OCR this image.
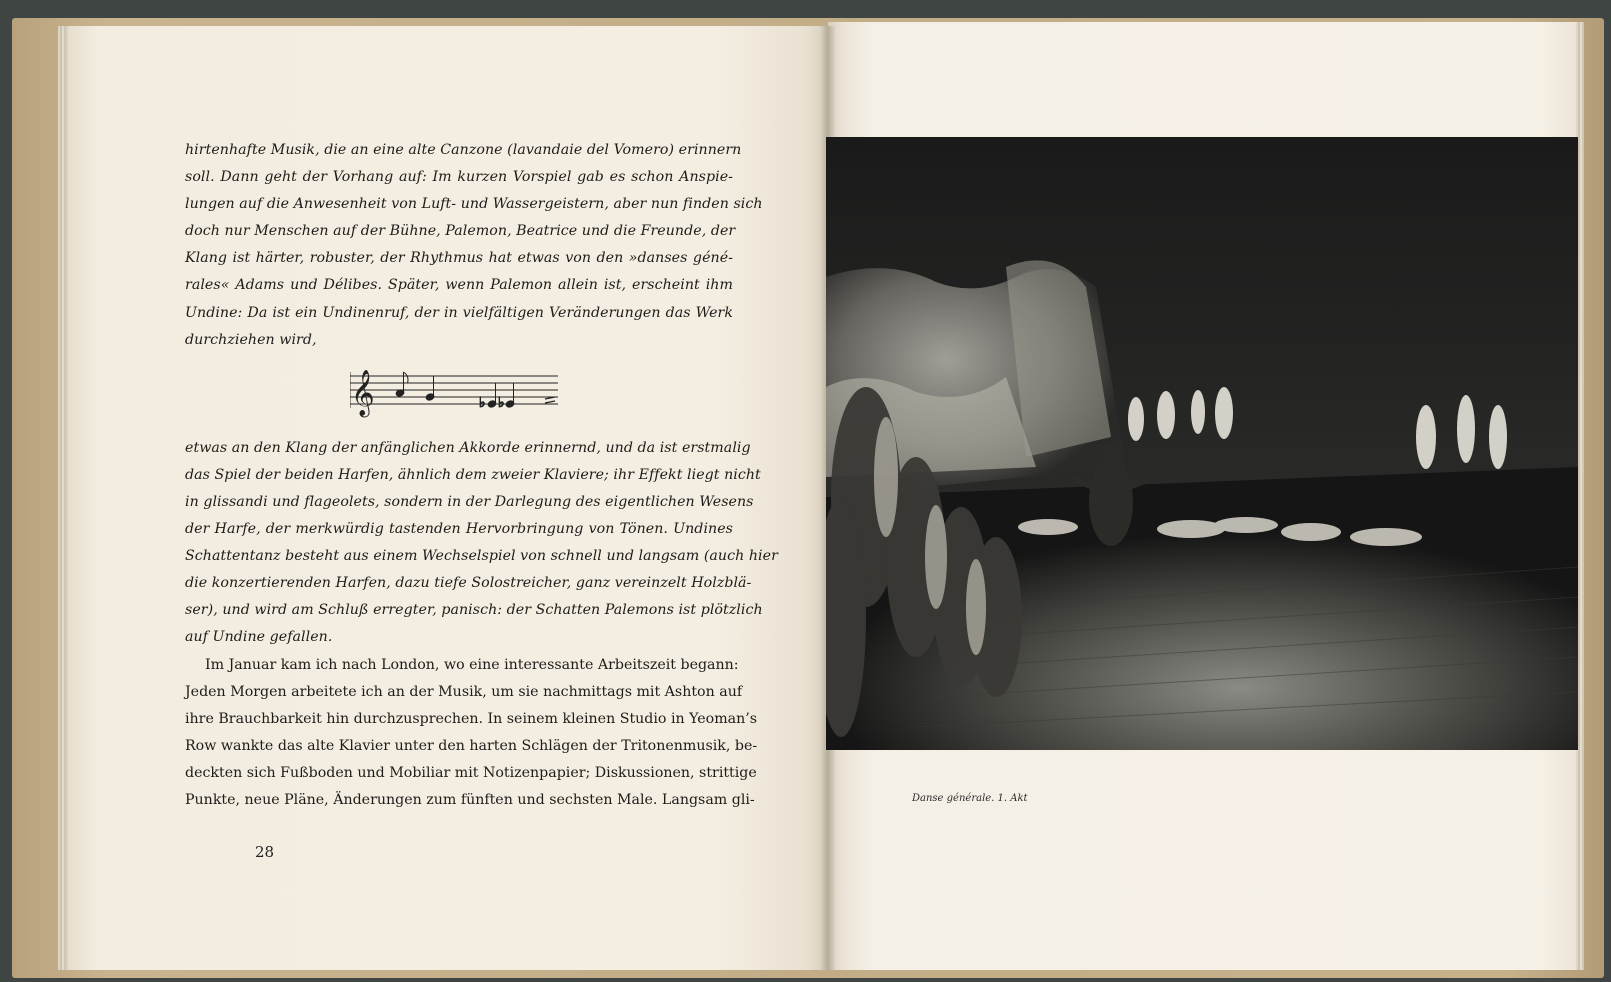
hirtenhafte Musik, die an eine alte Canzone (lavandaie del Vomero) erinnern
soll. Dann geht der Vorhang auf: Im kurzen Vorspiel gab es schon Anspie-
lungen auf die Anwesenheit von Luft- und Wassergeistern, aber nun finden sich
doch nur Menschen auf der Bühne, Palemon, Beatrice und die Freunde, der
Klang ist härter, robuster, der Rhythmus hat etwas von den »danses géné-
rales« Adams und Délibes. Später, wenn Palemon allein ist, erscheint ihm
Undine: Da ist ein Undinenruf, der in vielfältigen Veränderungen das Werk
durchziehen wird,
etwas an den Klang der anfänglichen Akkorde erinnernd, und da ist erstmalig
das Spiel der beiden Harfen, ähnlich dem zweier Klaviere; ihr Effekt liegt nicht
in glissandi und flageolets, sondern in der Darlegung des eigentlichen Wesens
der Harfe, der merkwürdig tastenden Hervorbringung von Tönen. Undines
Schattentanz besteht aus einem Wechselspiel von schnell und langsam (auch hier
die konzertierenden Harfen, dazu tiefe Solostreicher, ganz vereinzelt Holzblä-
ser), und wird am Schluß erregter, panisch: der Schatten Palemons ist plötzlich
auf Undine gefallen.
Im Januar kam ich nach London, wo eine interessante Arbeitszeit begann:
Jeden Morgen arbeitete ich an der Musik, um sie nachmittags mit Ashton auf
ihre Brauchbarkeit hin durchzusprechen. In seinem kleinen Studio in Yeoman’s
Row wankte das alte Klavier unter den harten Schlägen der Tritonenmusik, be-
deckten sich Fußboden und Mobiliar mit Notizenpapier; Diskussionen, strittige
Punkte, neue Pläne, Änderungen zum fünften und sechsten Male. Langsam gli-
𝄞	♭ ♭
28
Danse générale. 1. Akt
